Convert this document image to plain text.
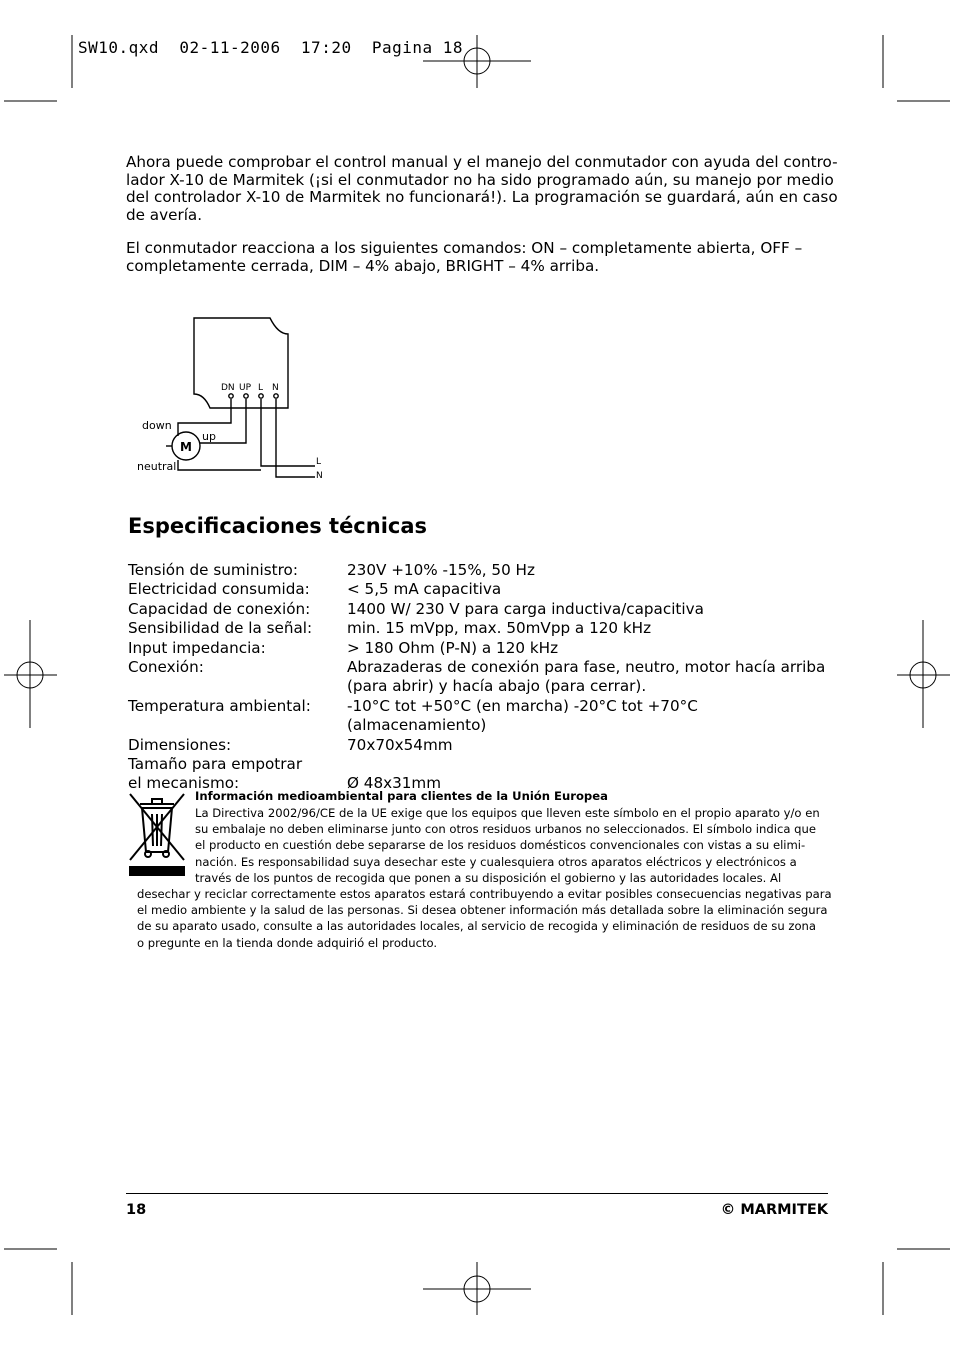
SW10.qxd  02-11-2006  17:20  Pagina 18
Ahora puede comprobar el control manual y el manejo del conmutador con ayuda del contro-
lador X-10 de Marmitek (¡si el conmutador no ha sido programado aún, su manejo por medio
del controlador X-10 de Marmitek no funcionará!). La programación se guardará, aún en caso
de avería.
El conmutador reacciona a los siguientes comandos: ON – completamente abierta, OFF –
completamente cerrada, DIM – 4% abajo, BRIGHT – 4% arriba.
DN UP L N
down
up
M
neutral	L
N
Especificaciones técnicas
Tensión de suministro:	230V +10% -15%, 50 Hz
Electricidad consumida:	< 5,5 mA capacitiva
Capacidad de conexión:	1400 W/ 230 V para carga inductiva/capacitiva
Sensibilidad de la señal:	min. 15 mVpp, max. 50mVpp a 120 kHz
Input impedancia:	> 180 Ohm (P-N) a 120 kHz
Conexión:	Abrazaderas de conexión para fase, neutro, motor hacía arriba
(para abrir) y hacía abajo (para cerrar).
Temperatura ambiental:	-10°C tot +50°C (en marcha) -20°C tot +70°C (almacenamiento)
Dimensiones:	70x70x54mm
Tamaño para empotrar
el mecanismo:	Ø 48x31mm
Información medioambiental para clientes de la Unión Europea
La Directiva 2002/96/CE de la UE exige que los equipos que lleven este símbolo en el propio aparato y/o en
su embalaje no deben eliminarse junto con otros residuos urbanos no seleccionados. El símbolo indica que
el producto en cuestión debe separarse de los residuos domésticos convencionales con vistas a su elimi-
nación. Es responsabilidad suya desechar este y cualesquiera otros aparatos eléctricos y electrónicos a
través de los puntos de recogida que ponen a su disposición el gobierno y las autoridades locales. Al
desechar y reciclar correctamente estos aparatos estará contribuyendo a evitar posibles consecuencias negativas para
el medio ambiente y la salud de las personas. Si desea obtener información más detallada sobre la eliminación segura
de su aparato usado, consulte a las autoridades locales, al servicio de recogida y eliminación de residuos de su zona
o pregunte en la tienda donde adquirió el producto.
18	© MARMITEK
